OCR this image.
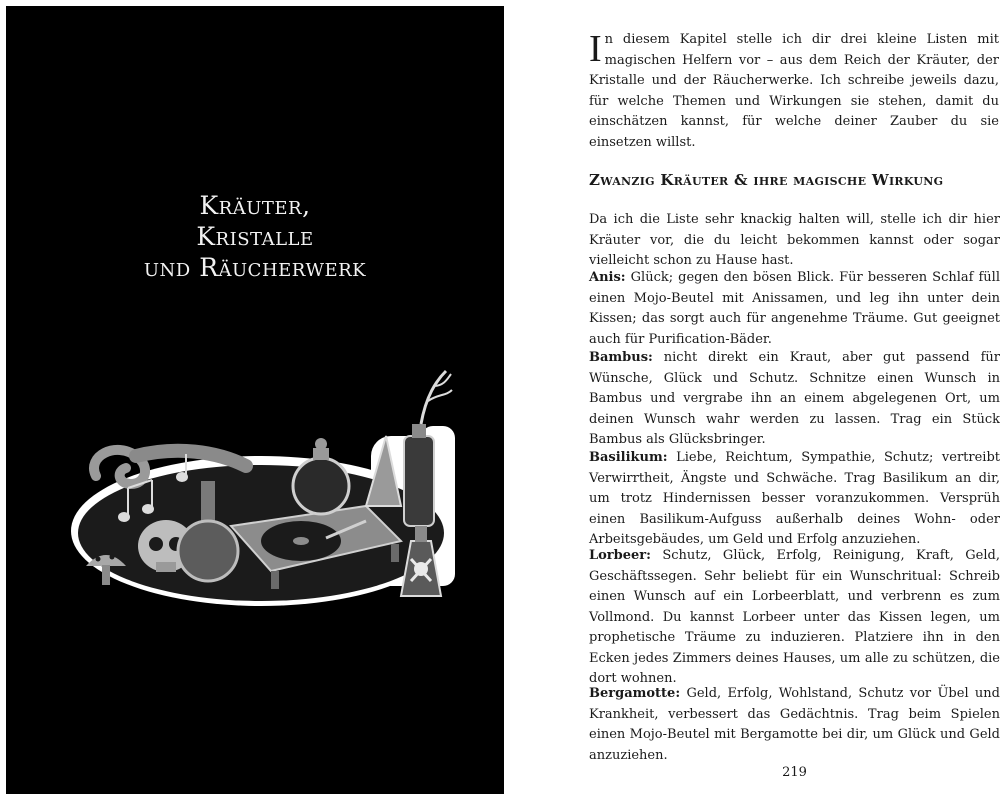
Kräuter,
Kristalle
und Räucherwerk

In diesem Kapitel stelle ich dir drei kleine Listen mit magischen Helfern vor – aus dem Reich der Kräuter, der Kristalle und der Räucherwerke. Ich schreibe jeweils dazu, für welche Themen und Wirkungen sie stehen, damit du einschätzen kannst, für welche deiner Zauber du sie einsetzen willst.

Zwanzig Kräuter & ihre magische Wirkung

Da ich die Liste sehr knackig halten will, stelle ich dir hier Kräuter vor, die du leicht bekommen kannst oder sogar vielleicht schon zu Hause hast.

Anis: Glück; gegen den bösen Blick. Für besseren Schlaf füll einen Mojo-Beutel mit Anissamen, und leg ihn unter dein Kissen; das sorgt auch für angenehme Träume. Gut geeignet auch für Purification-Bäder.

Bambus: nicht direkt ein Kraut, aber gut passend für Wünsche, Glück und Schutz. Schnitze einen Wunsch in Bambus und vergrabe ihn an einem abgelegenen Ort, um deinen Wunsch wahr werden zu lassen. Trag ein Stück Bambus als Glücksbringer.

Basilikum: Liebe, Reichtum, Sympathie, Schutz; vertreibt Verwirrtheit, Ängste und Schwäche. Trag Basilikum an dir, um trotz Hindernissen besser voranzukommen. Versprüh einen Basilikum-Aufguss außerhalb deines Wohn- oder Arbeitsgebäudes, um Geld und Erfolg anzuziehen.

Lorbeer: Schutz, Glück, Erfolg, Reinigung, Kraft, Geld, Geschäftssegen. Sehr beliebt für ein Wunschritual: Schreib einen Wunsch auf ein Lorbeerblatt, und verbrenn es zum Vollmond. Du kannst Lorbeer unter das Kissen legen, um prophetische Träume zu induzieren. Platziere ihn in den Ecken jedes Zimmers deines Hauses, um alle zu schützen, die dort wohnen.

Bergamotte: Geld, Erfolg, Wohlstand, Schutz vor Übel und Krankheit, verbessert das Gedächtnis. Trag beim Spielen einen Mojo-Beutel mit Bergamotte bei dir, um Glück und Geld anzuziehen.

219
